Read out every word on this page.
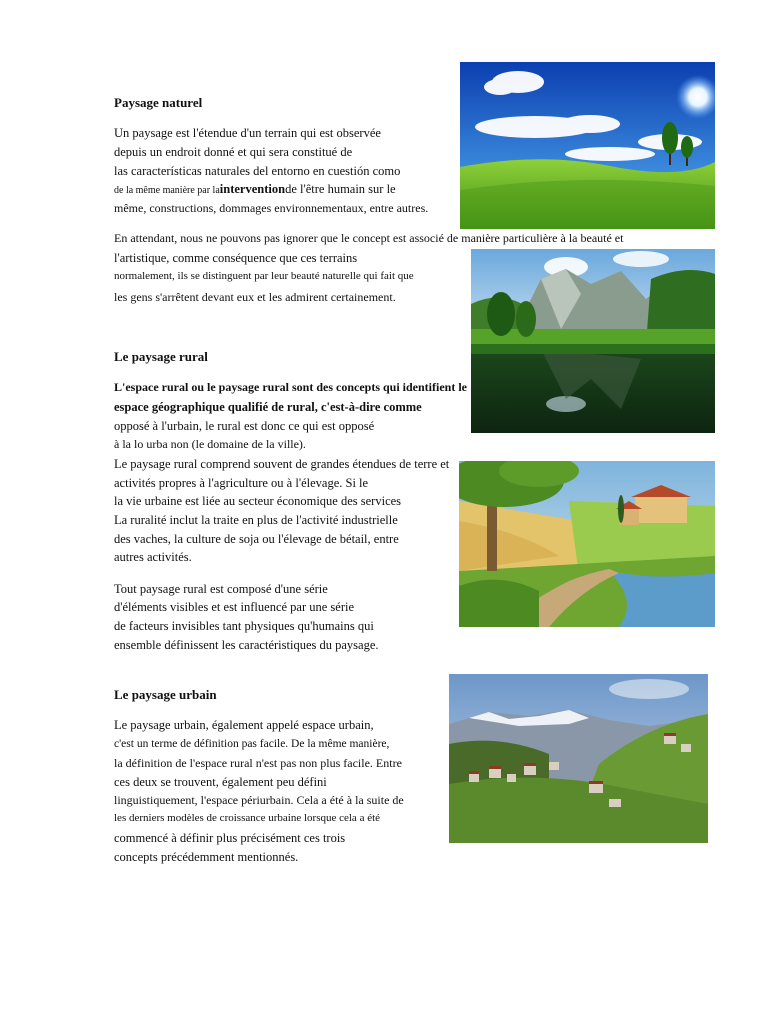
Paysage naturel
Un paysage est l'étendue d'un terrain qui est observée
depuis un endroit donné et qui sera constitué de
las características naturales del entorno en cuestión como
de la même manière par lainterventionde l'être humain sur le
même, constructions, dommages environnementaux, entre autres.
En attendant, nous ne pouvons pas ignorer que le concept est associé de manière particulière à la beauté et
l'artistique, comme conséquence que ces terrains
normalement, ils se distinguent par leur beauté naturelle qui fait que
les gens s'arrêtent devant eux et les admirent certainement.
Le paysage rural
L'espace rural ou le paysage rural sont des concepts qui identifient le
espace géographique qualifié de rural, c'est-à-dire comme
opposé à l'urbain, le rural est donc ce qui est opposé
à la lo urba non (le domaine de la ville).
Le paysage rural comprend souvent de grandes étendues de terre et
activités propres à l'agriculture ou à l'élevage. Si le
la vie urbaine est liée au secteur économique des services
La ruralité inclut la traite en plus de l'activité industrielle
des vaches, la culture de soja ou l'élevage de bétail, entre
autres activités.
Tout paysage rural est composé d'une série
d'éléments visibles et est influencé par une série
de facteurs invisibles tant physiques qu'humains qui
ensemble définissent les caractéristiques du paysage.
Le paysage urbain
Le paysage urbain, également appelé espace urbain,
c'est un terme de définition pas facile. De la même manière,
la définition de l'espace rural n'est pas non plus facile. Entre
ces deux se trouvent, également peu défini
linguistiquement, l'espace périurbain. Cela a été à la suite de
les derniers modèles de croissance urbaine lorsque cela a été
commencé à définir plus précisément ces trois
concepts précédemment mentionnés.
